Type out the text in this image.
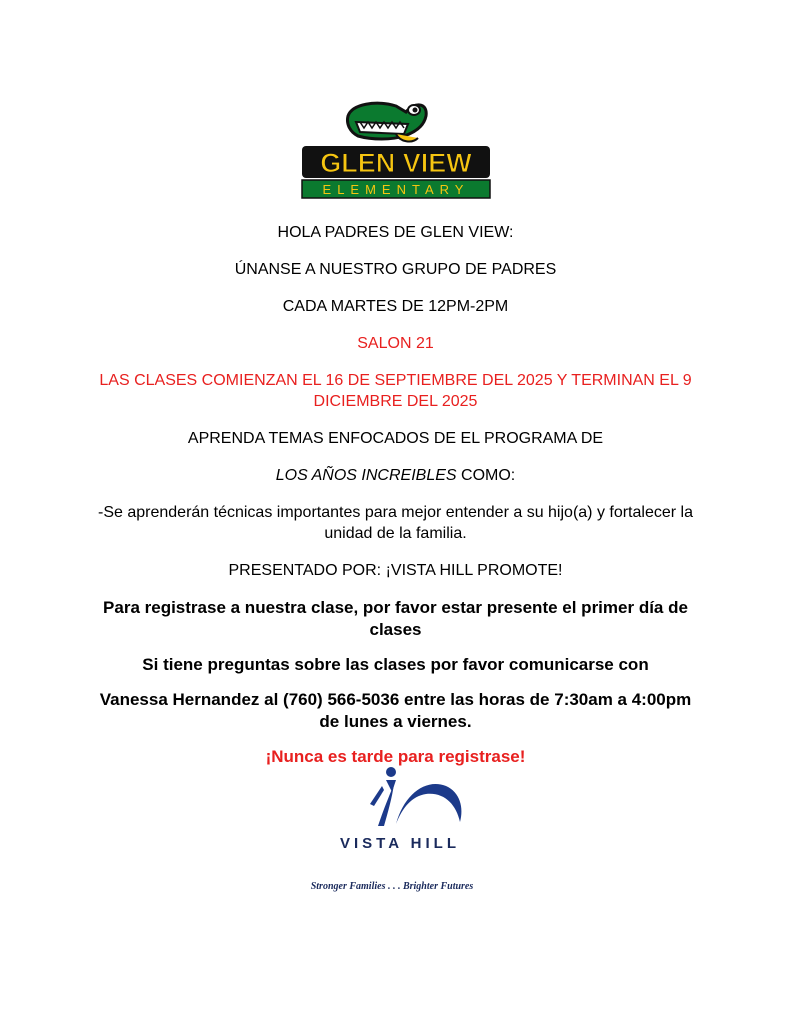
GLEN VIEW
ELEMENTARY

HOLA PADRES DE GLEN VIEW:

ÚNANSE A NUESTRO GRUPO DE PADRES

CADA MARTES DE 12PM-2PM

SALON 21

LAS CLASES COMIENZAN EL 16 DE SEPTIEMBRE DEL 2025 Y TERMINAN EL 9 DICIEMBRE DEL 2025

APRENDA TEMAS ENFOCADOS DE EL PROGRAMA DE

LOS AÑOS INCREIBLES COMO:

-Se aprenderán técnicas importantes para mejor entender a su hijo(a) y fortalecer la unidad de la familia.

PRESENTADO POR: ¡VISTA HILL PROMOTE!

Para registrase a nuestra clase, por favor estar presente el primer día de clases

Si tiene preguntas sobre las clases por favor comunicarse con

Vanessa Hernandez al (760) 566-5036 entre las horas de 7:30am a 4:00pm de lunes a viernes.

¡Nunca es tarde para registrase!

VISTA HILL
Stronger Families . . . Brighter Futures
